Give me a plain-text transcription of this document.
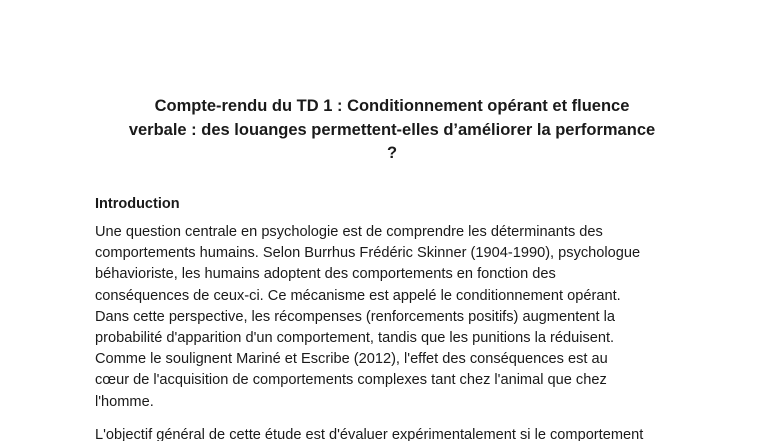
Compte-rendu du TD 1 : Conditionnement opérant et fluence
verbale : des louanges permettent-elles d’améliorer la performance
?
Introduction

Une question centrale en psychologie est de comprendre les déterminants des
comportements humains. Selon Burrhus Frédéric Skinner (1904-1990), psychologue
béhavioriste, les humains adoptent des comportements en fonction des
conséquences de ceux-ci. Ce mécanisme est appelé le conditionnement opérant.
Dans cette perspective, les récompenses (renforcements positifs) augmentent la
probabilité d'apparition d'un comportement, tandis que les punitions la réduisent.
Comme le soulignent Mariné et Escribe (2012), l'effet des conséquences est au
cœur de l'acquisition de comportements complexes tant chez l'animal que chez
l'homme.

L'objectif général de cette étude est d'évaluer expérimentalement si le comportement
